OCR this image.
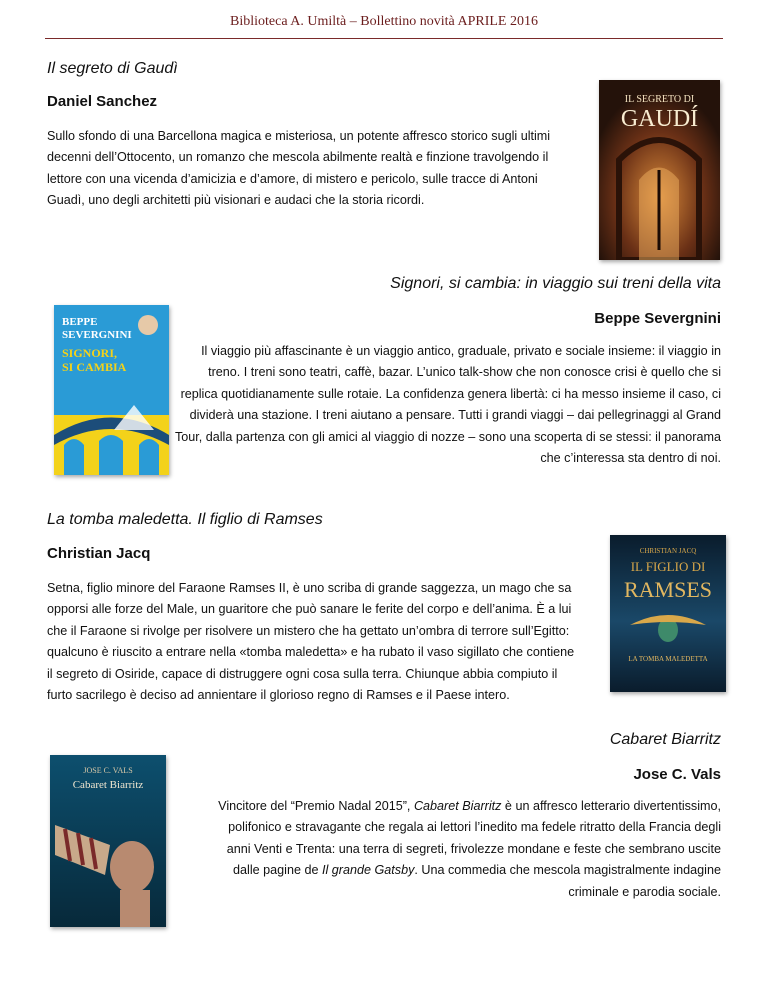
Biblioteca A. Umiltà – Bollettino novità APRILE 2016
Il segreto di Gaudì
Daniel Sanchez
Sullo sfondo di una Barcellona magica e misteriosa, un potente affresco storico sugli ultimi decenni dell’Ottocento, un romanzo che mescola abilmente realtà e finzione travolgendo il lettore con una vicenda d’amicizia e d’amore, di mistero e pericolo, sulle tracce di Antoni Guadì, uno degli architetti più visionari e audaci che la storia ricordi.
IL SEGRETO DI
GAUDÍ
Signori, si cambia: in viaggio sui treni della vita
Beppe Severgnini
Il viaggio più affascinante è un viaggio antico, graduale, privato e sociale insieme: il viaggio in treno. I treni sono teatri, caffè, bazar. L’unico talk-show che non conosce crisi è quello che si replica quotidianamente sulle rotaie. La confidenza genera libertà: ci ha messo insieme il caso, ci dividerà una stazione. I treni aiutano a pensare. Tutti i grandi viaggi – dai pellegrinaggi al Grand Tour, dalla partenza con gli amici al viaggio di nozze – sono una scoperta di se stessi: il panorama che c’interessa sta dentro di noi.
BEPPE
SEVERGNINI
SIGNORI,
SI CAMBIA
La tomba maledetta. Il figlio di Ramses
Christian Jacq
Setna, figlio minore del Faraone Ramses II, è uno scriba di grande saggezza, un mago che sa opporsi alle forze del Male, un guaritore che può sanare le ferite del corpo e dell’anima. È a lui che il Faraone si rivolge per risolvere un mistero che ha gettato un’ombra di terrore sull’Egitto: qualcuno è riuscito a entrare nella «tomba maledetta» e ha rubato il vaso sigillato che contiene il segreto di Osiride, capace di distruggere ogni cosa sulla terra. Chiunque abbia compiuto il furto sacrilego è deciso ad annientare il glorioso regno di Ramses e il Paese intero.
CHRISTIAN JACQ
IL FIGLIO DI
RAMSES
LA TOMBA MALEDETTA
Cabaret Biarritz
Jose C. Vals
Vincitore del “Premio Nadal 2015”, Cabaret Biarritz è un affresco letterario divertentissimo, polifonico e stravagante che regala ai lettori l’inedito ma fedele ritratto della Francia degli anni Venti e Trenta: una terra di segreti, frivolezze mondane e feste che sembrano uscite dalle pagine de Il grande Gatsby. Una commedia che mescola magistralmente indagine criminale e parodia sociale.
JOSE C. VALS
Cabaret Biarritz
